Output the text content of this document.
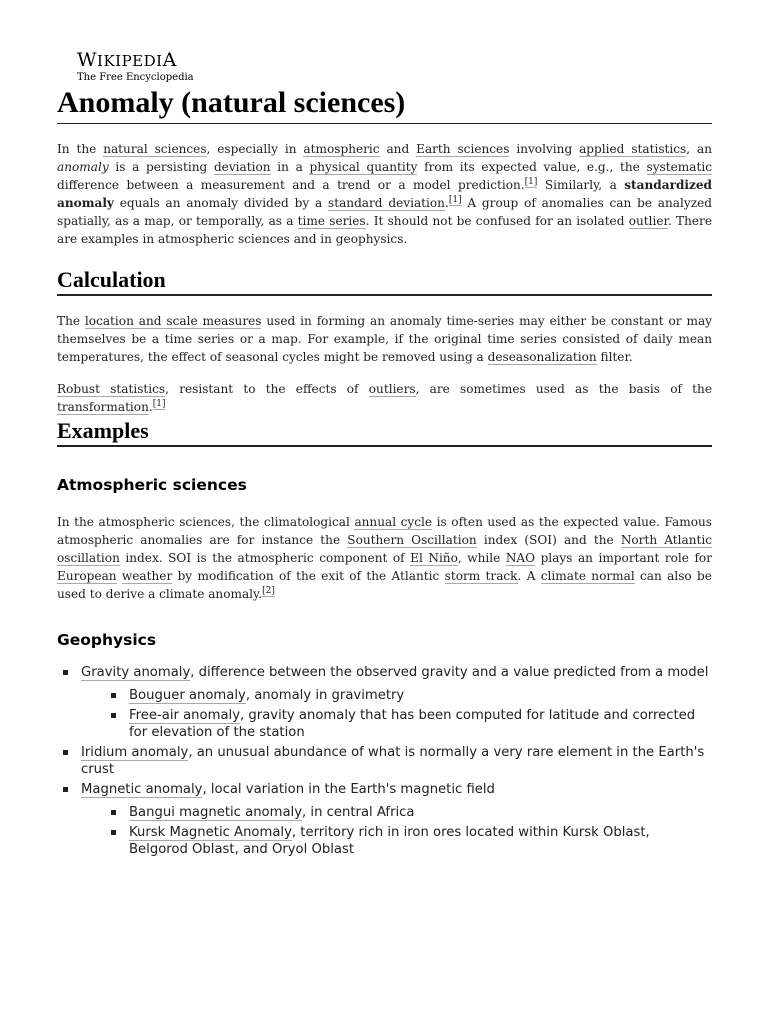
WIKIPEDIA
The Free Encyclopedia
Anomaly (natural sciences)

In the natural sciences, especially in atmospheric and Earth sciences involving applied statistics, an anomaly is a persisting deviation in a physical quantity from its expected value, e.g., the systematic difference between a measurement and a trend or a model prediction.[1] Similarly, a standardized anomaly equals an anomaly divided by a standard deviation.[1] A group of anomalies can be analyzed spatially, as a map, or temporally, as a time series. It should not be confused for an isolated outlier. There are examples in atmospheric sciences and in geophysics.

Calculation

The location and scale measures used in forming an anomaly time-series may either be constant or may themselves be a time series or a map. For example, if the original time series consisted of daily mean temperatures, the effect of seasonal cycles might be removed using a deseasonalization filter.

Robust statistics, resistant to the effects of outliers, are sometimes used as the basis of the transformation.[1]

Examples
Atmospheric sciences

In the atmospheric sciences, the climatological annual cycle is often used as the expected value. Famous atmospheric anomalies are for instance the Southern Oscillation index (SOI) and the North Atlantic oscillation index. SOI is the atmospheric component of El Niño, while NAO plays an important role for European weather by modification of the exit of the Atlantic storm track. A climate normal can also be used to derive a climate anomaly.[2]

Geophysics
Gravity anomaly, difference between the observed gravity and a value predicted from a model
Bouguer anomaly, anomaly in gravimetry
Free-air anomaly, gravity anomaly that has been computed for latitude and corrected for elevation of the station
Iridium anomaly, an unusual abundance of what is normally a very rare element in the Earth's crust
Magnetic anomaly, local variation in the Earth's magnetic field
Bangui magnetic anomaly, in central Africa
Kursk Magnetic Anomaly, territory rich in iron ores located within Kursk Oblast, Belgorod Oblast, and Oryol Oblast
